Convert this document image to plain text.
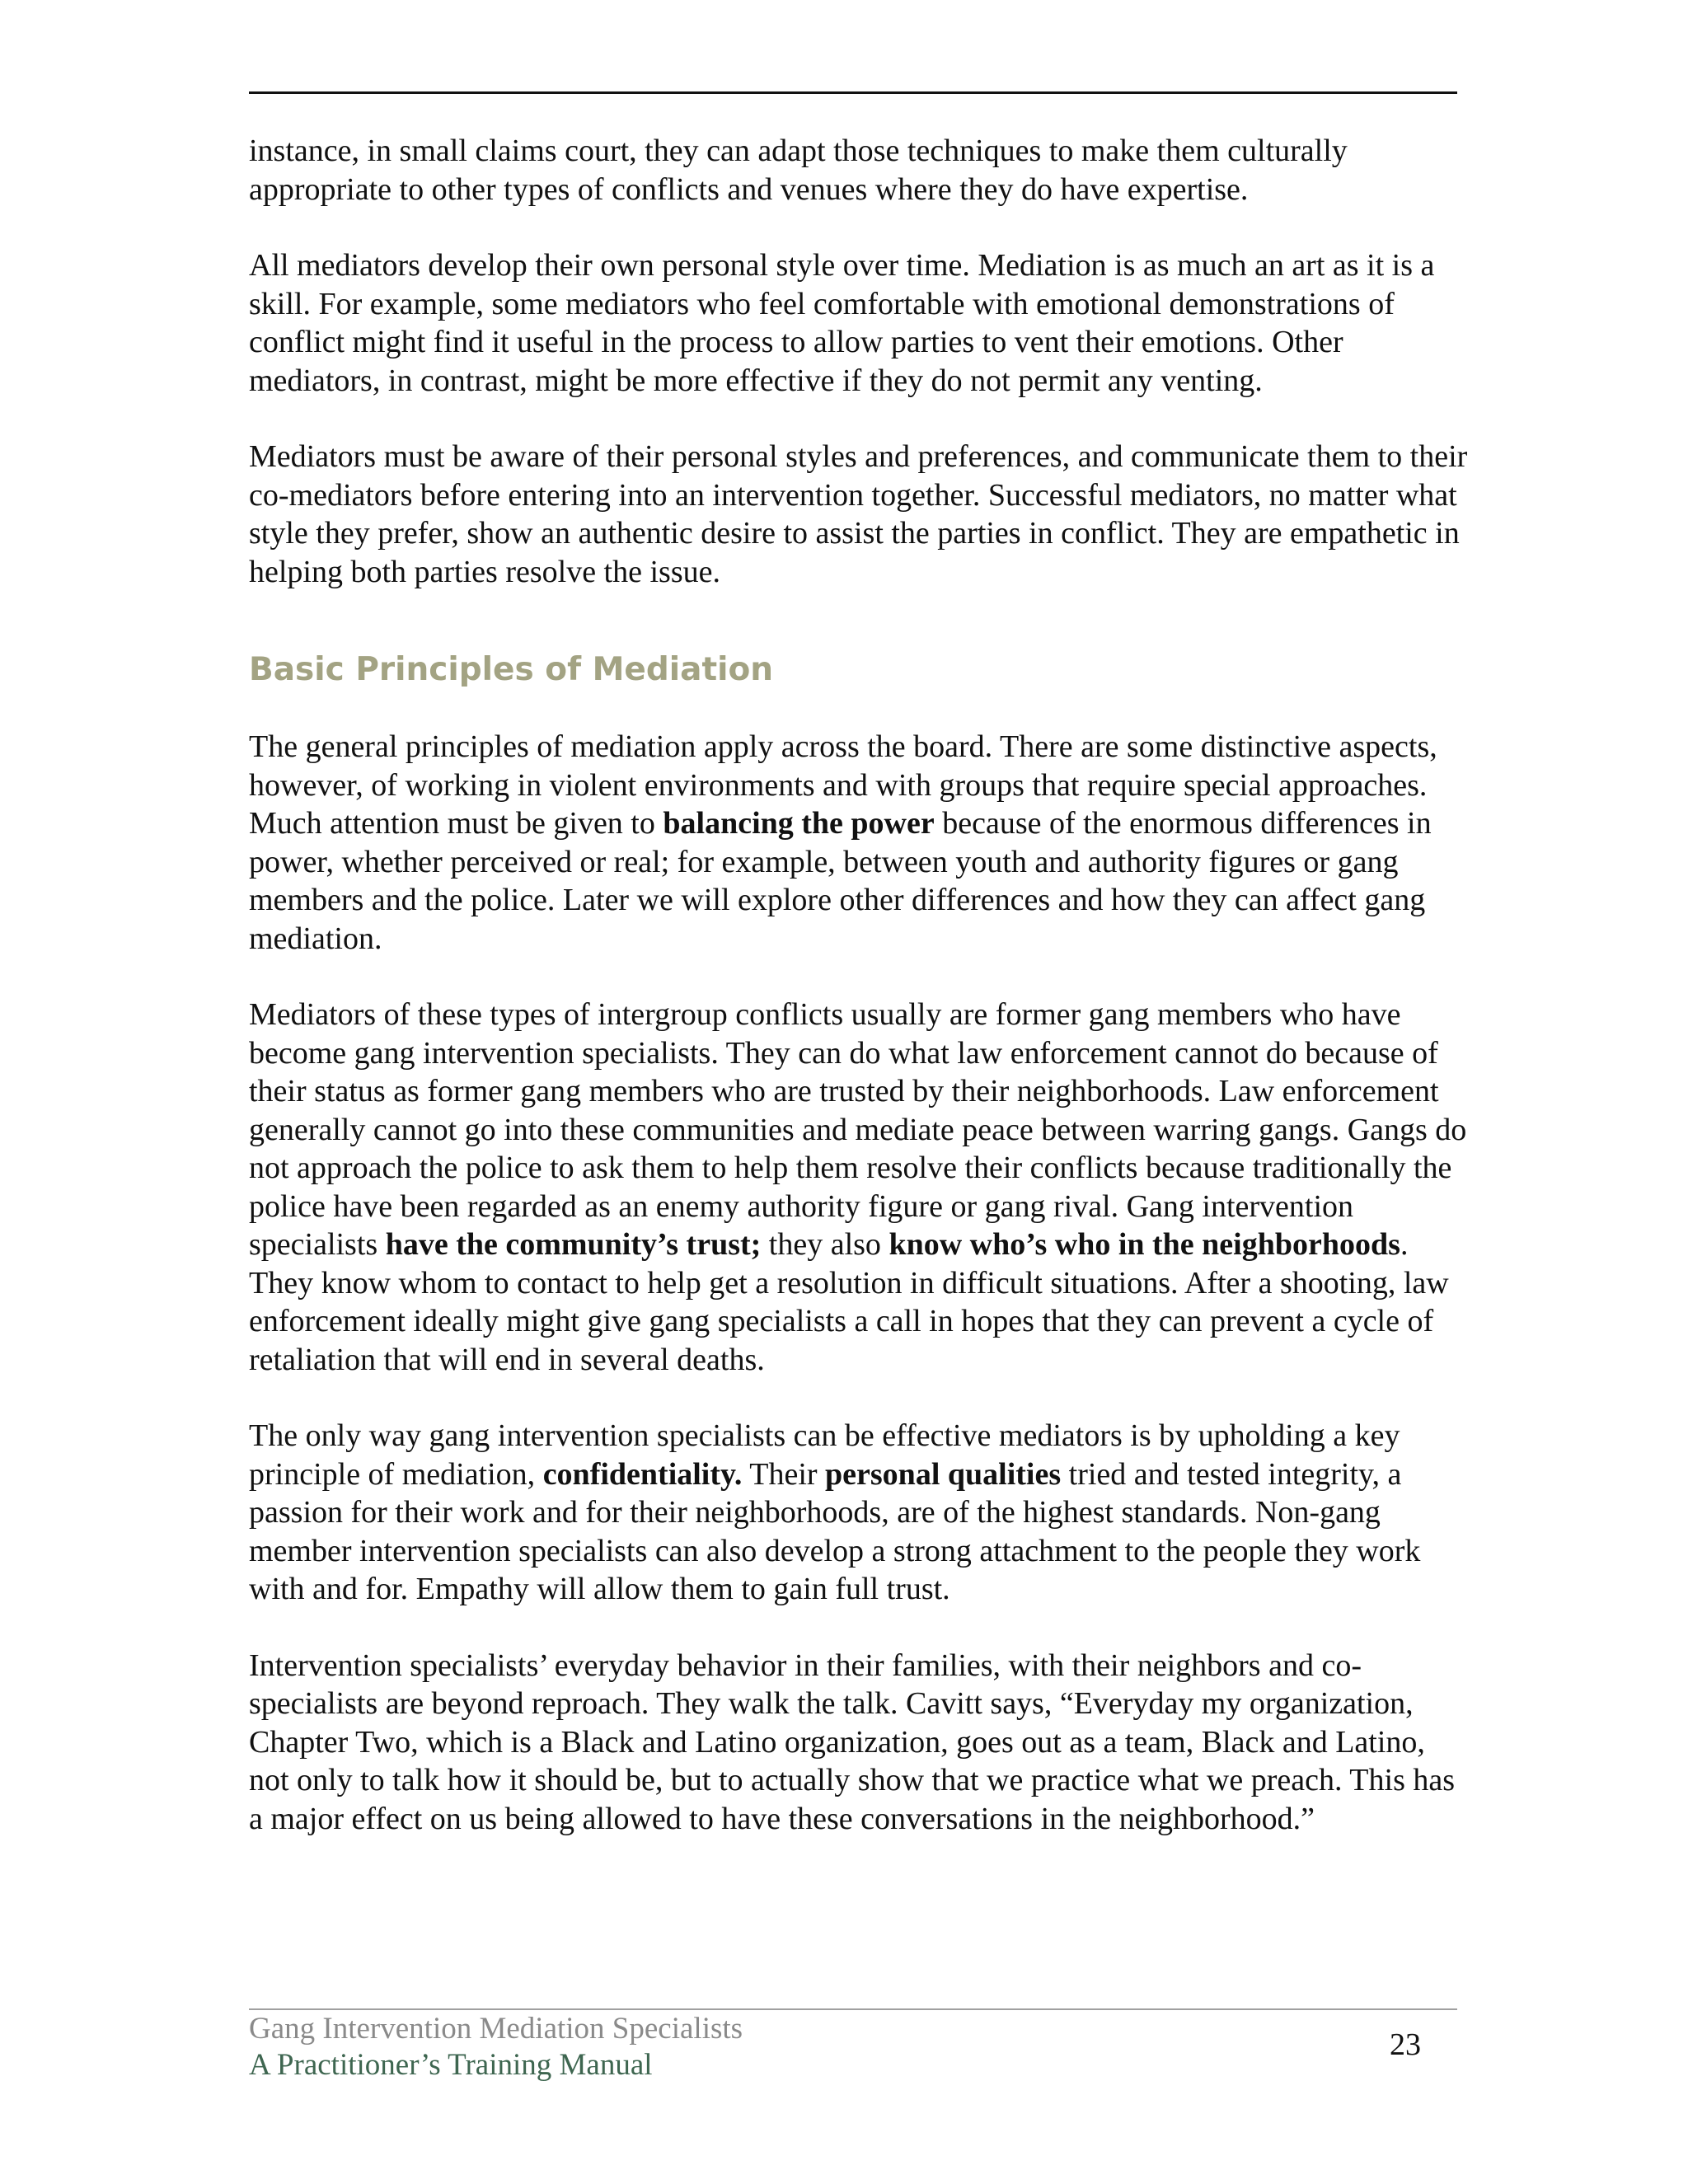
instance, in small claims court, they can adapt those techniques to make them culturally appropriate to other types of conflicts and venues where they do have expertise.

All mediators develop their own personal style over time. Mediation is as much an art as it is a skill. For example, some mediators who feel comfortable with emotional demonstrations of conflict might find it useful in the process to allow parties to vent their emotions. Other mediators, in contrast, might be more effective if they do not permit any venting.

Mediators must be aware of their personal styles and preferences, and communicate them to their co-mediators before entering into an intervention together. Successful mediators, no matter what style they prefer, show an authentic desire to assist the parties in conflict. They are empathetic in helping both parties resolve the issue.

Basic Principles of Mediation

The general principles of mediation apply across the board. There are some distinctive aspects, however, of working in violent environments and with groups that require special approaches. Much attention must be given to balancing the power because of the enormous differences in power, whether perceived or real; for example, between youth and authority figures or gang members and the police. Later we will explore other differences and how they can affect gang mediation.

Mediators of these types of intergroup conflicts usually are former gang members who have become gang intervention specialists. They can do what law enforcement cannot do because of their status as former gang members who are trusted by their neighborhoods. Law enforcement generally cannot go into these communities and mediate peace between warring gangs. Gangs do not approach the police to ask them to help them resolve their conflicts because traditionally the police have been regarded as an enemy authority figure or gang rival. Gang intervention specialists have the community’s trust; they also know who’s who in the neighborhoods. They know whom to contact to help get a resolution in difficult situations. After a shooting, law enforcement ideally might give gang specialists a call in hopes that they can prevent a cycle of retaliation that will end in several deaths.

The only way gang intervention specialists can be effective mediators is by upholding a key principle of mediation, confidentiality. Their personal qualities tried and tested integrity, a passion for their work and for their neighborhoods, are of the highest standards. Non-gang member intervention specialists can also develop a strong attachment to the people they work with and for. Empathy will allow them to gain full trust.

Intervention specialists’ everyday behavior in their families, with their neighbors and co-specialists are beyond reproach. They walk the talk. Cavitt says, “Everyday my organization, Chapter Two, which is a Black and Latino organization, goes out as a team, Black and Latino, not only to talk how it should be, but to actually show that we practice what we preach. This has a major effect on us being allowed to have these conversations in the neighborhood.”

Gang Intervention Mediation Specialists
A Practitioner’s Training Manual
23
